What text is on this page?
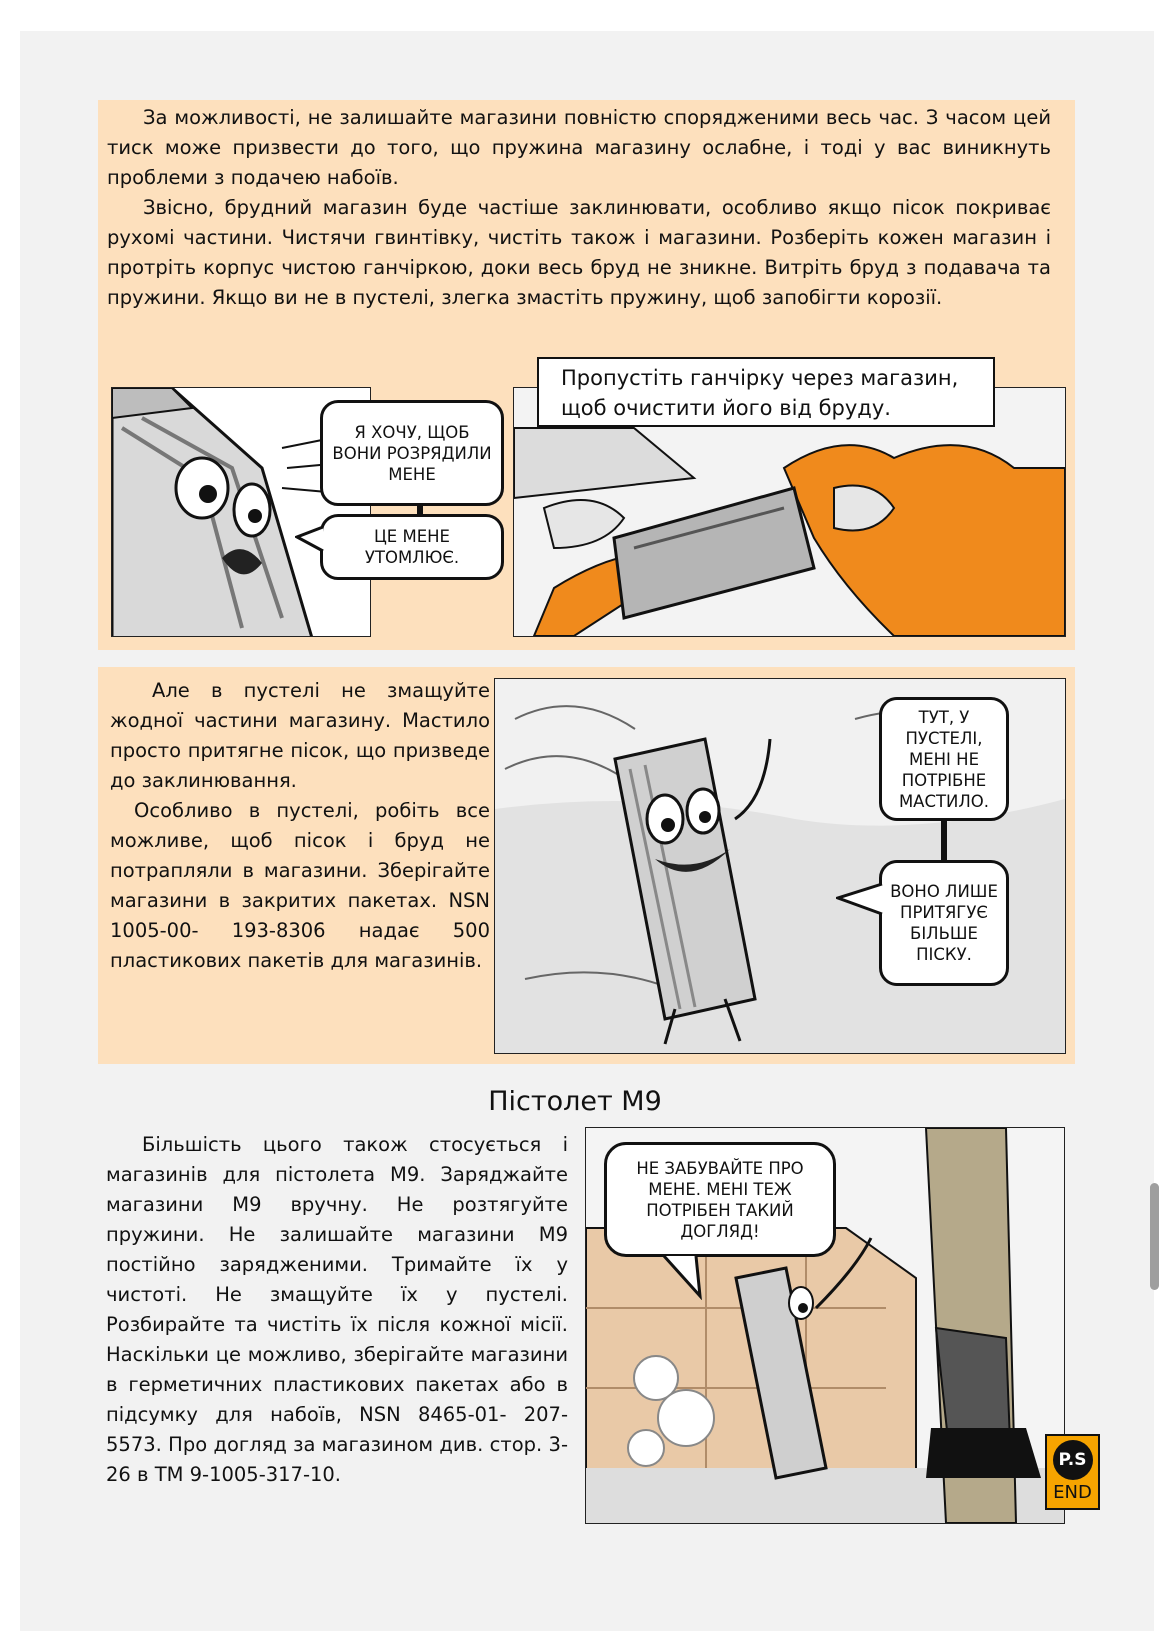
За можливості, не залишайте магазини повністю спорядженими весь час. З часом цей тиск може призвести до того, що пружина магазину ослабне, і тоді у вас виникнуть проблеми з подачею набоїв.

Звісно, брудний магазин буде частіше заклинювати, особливо якщо пісок покриває рухомі частини. Чистячи гвинтівку, чистіть також і магазини. Розберіть кожен магазин і протріть корпус чистою ганчіркою, доки весь бруд не зникне. Витріть бруд з подавача та пружини. Якщо ви не в пустелі, злегка змастіть пружину, щоб запобігти корозії.

Я ХОЧУ, ЩОБ ВОНИ РОЗРЯДИЛИ МЕНЕ
ЦЕ МЕНЕ УТОМЛЮЄ.
Пропустіть ганчірку через магазин, щоб очистити його від бруду.

Але в пустелі не змащуйте жодної частини магазину. Мастило просто притягне пісок, що призведе до заклинювання.

Особливо в пустелі, робіть все можливе, щоб пісок і бруд не потрапляли в магазини. Зберігайте магазини в закритих пакетах. NSN 1005-00- 193-8306 надає 500 пластикових пакетів для магазинів.

ТУТ, У ПУСТЕЛІ, МЕНІ НЕ ПОТРІБНЕ МАСТИЛО.
ВОНО ЛИШЕ ПРИТЯГУЄ БІЛЬШЕ ПІСКУ.
Пістолет М9

Більшість цього також стосується і магазинів для пістолета М9. Заряджайте магазини М9 вручну. Не розтягуйте пружини. Не залишайте магазини М9 постійно зарядженими. Тримайте їх у чистоті. Не змащуйте їх у пустелі. Розбирайте та чистіть їх після кожної місії. Наскільки це можливо, зберігайте магазини в герметичних пластикових пакетах або в підсумку для набоїв, NSN 8465-01- 207-5573. Про догляд за магазином див. стор. 3-26 в ТМ 9-1005-317-10.

НЕ ЗАБУВАЙТЕ ПРО МЕНЕ. МЕНІ ТЕЖ ПОТРІБЕН ТАКИЙ ДОГЛЯД!
P.S
END
